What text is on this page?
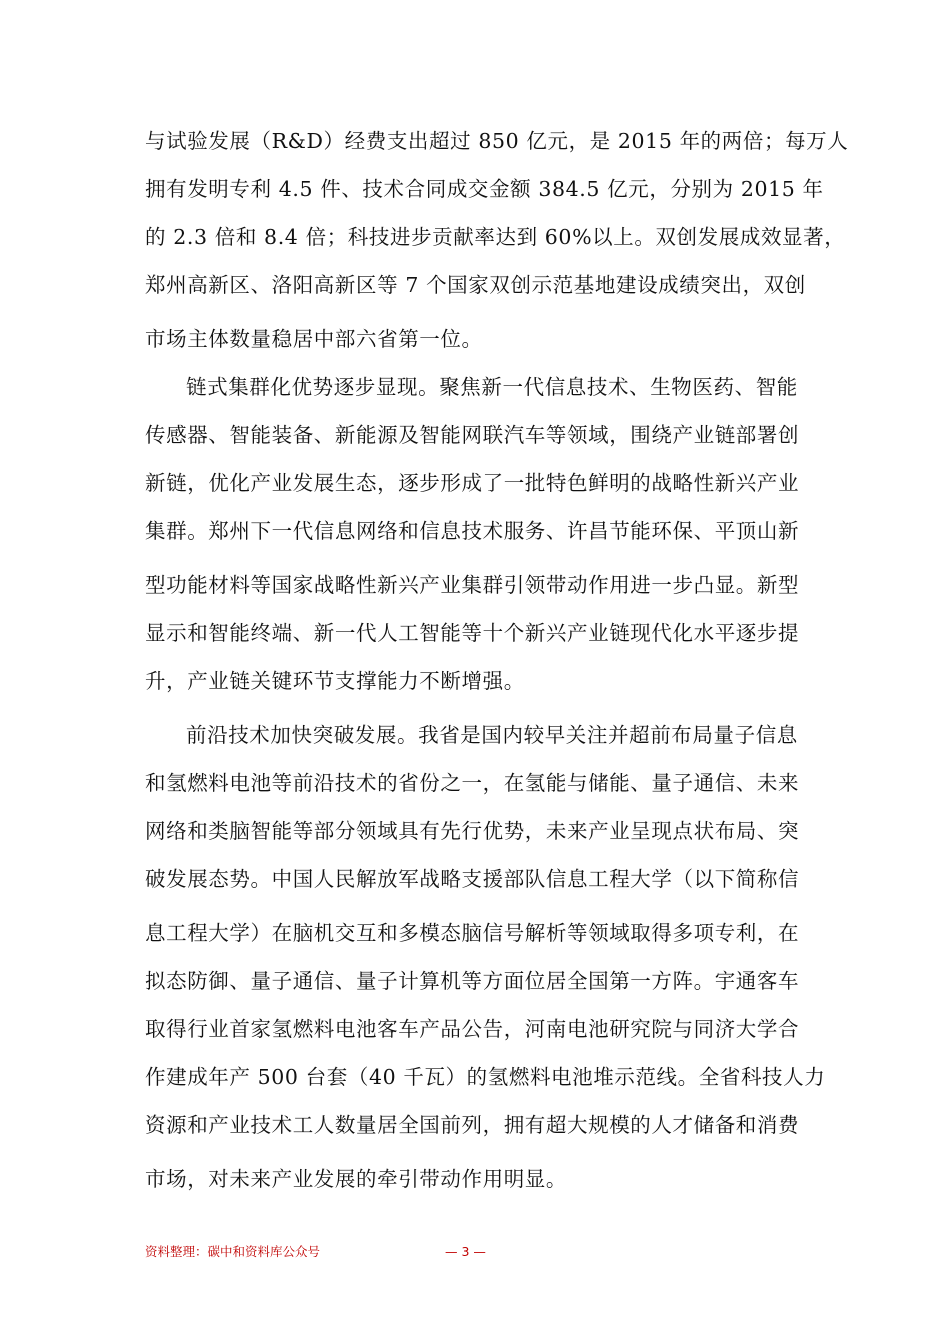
与试验发展（R&D）经费支出超过 850 亿元，是 2015 年的两倍；每万人
拥有发明专利 4.5 件、技术合同成交金额 384.5 亿元，分别为 2015 年
的 2.3 倍和 8.4 倍；科技进步贡献率达到 60%以上。双创发展成效显著，
郑州高新区、洛阳高新区等 7 个国家双创示范基地建设成绩突出，双创
市场主体数量稳居中部六省第一位。
链式集群化优势逐步显现。聚焦新一代信息技术、生物医药、智能
传感器、智能装备、新能源及智能网联汽车等领域，围绕产业链部署创
新链，优化产业发展生态，逐步形成了一批特色鲜明的战略性新兴产业
集群。郑州下一代信息网络和信息技术服务、许昌节能环保、平顶山新
型功能材料等国家战略性新兴产业集群引领带动作用进一步凸显。新型
显示和智能终端、新一代人工智能等十个新兴产业链现代化水平逐步提
升，产业链关键环节支撑能力不断增强。
前沿技术加快突破发展。我省是国内较早关注并超前布局量子信息
和氢燃料电池等前沿技术的省份之一，在氢能与储能、量子通信、未来
网络和类脑智能等部分领域具有先行优势，未来产业呈现点状布局、突
破发展态势。中国人民解放军战略支援部队信息工程大学（以下简称信
息工程大学）在脑机交互和多模态脑信号解析等领域取得多项专利，在
拟态防御、量子通信、量子计算机等方面位居全国第一方阵。宇通客车
取得行业首家氢燃料电池客车产品公告，河南电池研究院与同济大学合
作建成年产 500 台套（40 千瓦）的氢燃料电池堆示范线。全省科技人力
资源和产业技术工人数量居全国前列，拥有超大规模的人才储备和消费
市场，对未来产业发展的牵引带动作用明显。
资料整理：碳中和资料库公众号	— 3 —
